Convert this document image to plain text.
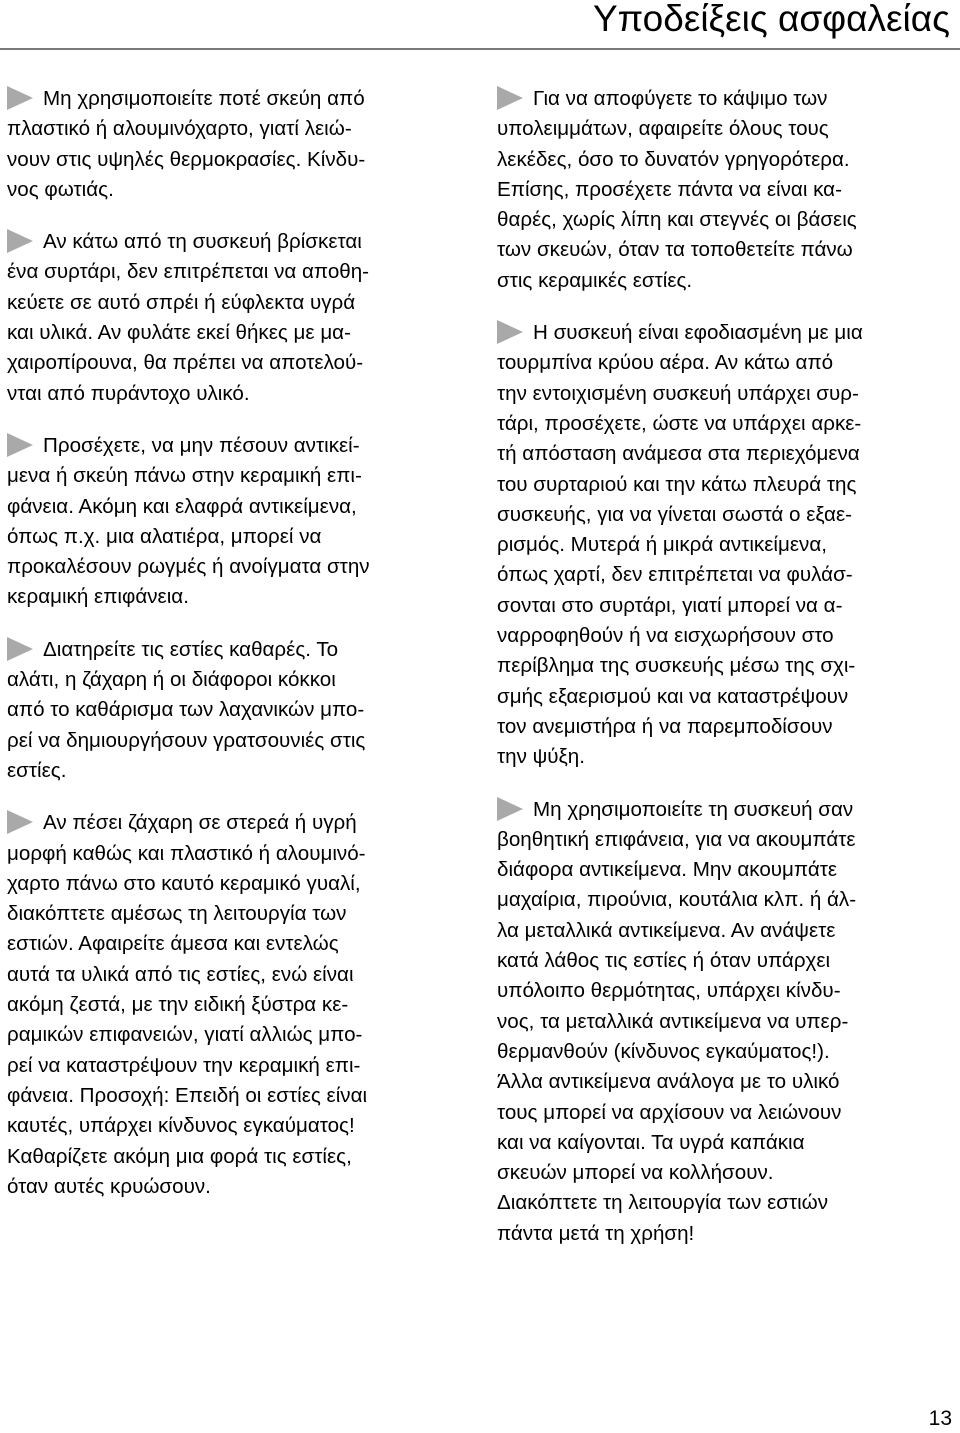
Υποδείξεις ασφαλείας
Μη χρησιμοποιείτε ποτέ σκεύη από
πλαστικό ή αλουμινόχαρτο, γιατί λειώ-
νουν στις υψηλές θερμοκρασίες. Κίνδυ-
νος φωτιάς.
Αν κάτω από τη συσκευή βρίσκεται
ένα συρτάρι, δεν επιτρέπεται να αποθη-
κεύετε σε αυτό σπρέι ή εύφλεκτα υγρά
και υλικά. Αν φυλάτε εκεί θήκες με μα-
χαιροπίρουνα, θα πρέπει να αποτελού-
νται από πυράντοχο υλικό.
Προσέχετε, να μην πέσουν αντικεί-
μενα ή σκεύη πάνω στην κεραμική επι-
φάνεια. Ακόμη και ελαφρά αντικείμενα,
όπως π.χ. μια αλατιέρα, μπορεί να
προκαλέσουν ρωγμές ή ανοίγματα στην
κεραμική επιφάνεια.
Διατηρείτε τις εστίες καθαρές. Το
αλάτι, η ζάχαρη ή οι διάφοροι κόκκοι
από το καθάρισμα των λαχανικών μπο-
ρεί να δημιουργήσουν γρατσουνιές στις
εστίες.
Αν πέσει ζάχαρη σε στερεά ή υγρή
μορφή καθώς και πλαστικό ή αλουμινό-
χαρτο πάνω στο καυτό κεραμικό γυαλί,
διακόπτετε αμέσως τη λειτουργία των
εστιών. Αφαιρείτε άμεσα και εντελώς
αυτά τα υλικά από τις εστίες, ενώ είναι
ακόμη ζεστά, με την ειδική ξύστρα κε-
ραμικών επιφανειών, γιατί αλλιώς μπο-
ρεί να καταστρέψουν την κεραμική επι-
φάνεια. Προσοχή: Επειδή οι εστίες είναι
καυτές, υπάρχει κίνδυνος εγκαύματος!
Καθαρίζετε ακόμη μια φορά τις εστίες,
όταν αυτές κρυώσουν.
Για να αποφύγετε το κάψιμο των
υπολειμμάτων, αφαιρείτε όλους τους
λεκέδες, όσο το δυνατόν γρηγορότερα.
Επίσης, προσέχετε πάντα να είναι κα-
θαρές, χωρίς λίπη και στεγνές οι βάσεις
των σκευών, όταν τα τοποθετείτε πάνω
στις κεραμικές εστίες.
Η συσκευή είναι εφοδιασμένη με μια
τουρμπίνα κρύου αέρα. Αν κάτω από
την εντοιχισμένη συσκευή υπάρχει συρ-
τάρι, προσέχετε, ώστε να υπάρχει αρκε-
τή απόσταση ανάμεσα στα περιεχόμενα
του συρταριού και την κάτω πλευρά της
συσκευής, για να γίνεται σωστά ο εξαε-
ρισμός. Μυτερά ή μικρά αντικείμενα,
όπως χαρτί, δεν επιτρέπεται να φυλάσ-
σονται στο συρτάρι, γιατί μπορεί να α-
ναρροφηθούν ή να εισχωρήσουν στο
περίβλημα της συσκευής μέσω της σχι-
σμής εξαερισμού και να καταστρέψουν
τον ανεμιστήρα ή να παρεμποδίσουν
την ψύξη.
Μη χρησιμοποιείτε τη συσκευή σαν
βοηθητική επιφάνεια, για να ακουμπάτε
διάφορα αντικείμενα. Μην ακουμπάτε
μαχαίρια, πιρούνια, κουτάλια κλπ. ή άλ-
λα μεταλλικά αντικείμενα. Αν ανάψετε
κατά λάθος τις εστίες ή όταν υπάρχει
υπόλοιπο θερμότητας, υπάρχει κίνδυ-
νος, τα μεταλλικά αντικείμενα να υπερ-
θερμανθούν (κίνδυνος εγκαύματος!).
Άλλα αντικείμενα ανάλογα με το υλικό
τους μπορεί να αρχίσουν να λειώνουν
και να καίγονται. Τα υγρά καπάκια
σκευών μπορεί να κολλήσουν.
Διακόπτετε τη λειτουργία των εστιών
πάντα μετά τη χρήση!
13
